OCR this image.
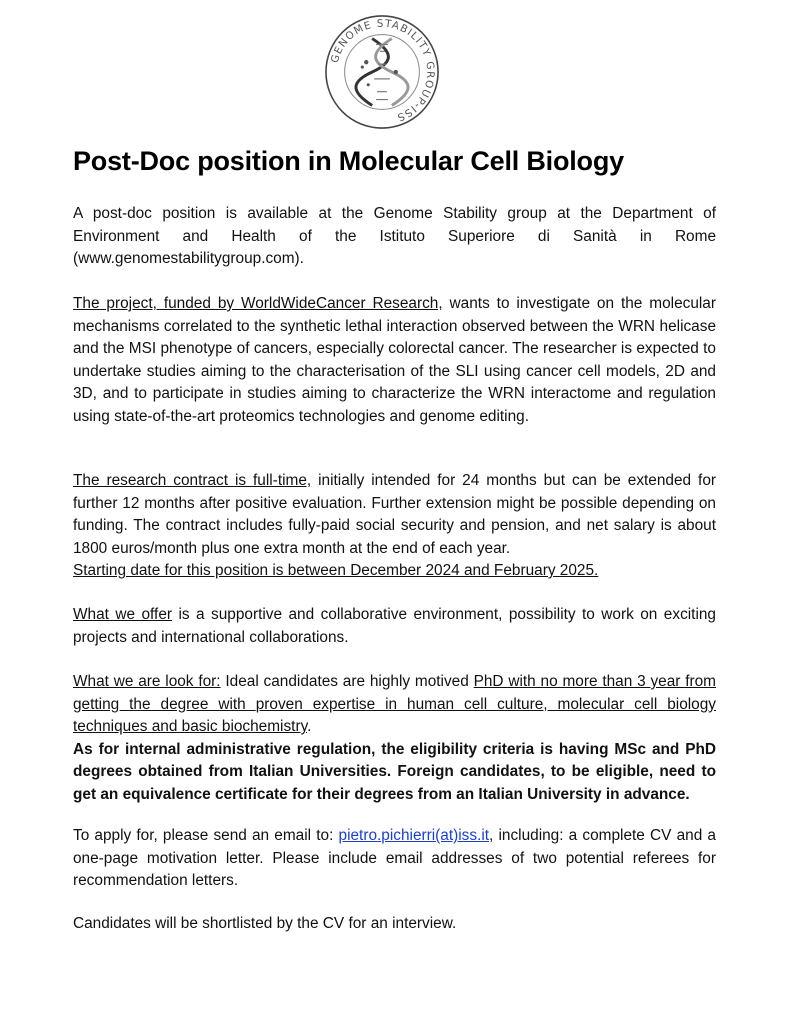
GENOME STABILITY GROUP-ISS
Post-Doc position in Molecular Cell Biology

A post-doc position is available at the Genome Stability group at the Department of Environment and Health of the Istituto Superiore di Sanità in Rome (www.genomestabilitygroup.com).

The project, funded by WorldWideCancer Research, wants to investigate on the molecular mechanisms correlated to the synthetic lethal interaction observed between the WRN helicase and the MSI phenotype of cancers, especially colorectal cancer. The researcher is expected to undertake studies aiming to the characterisation of the SLI using cancer cell models, 2D and 3D, and to participate in studies aiming to characterize the WRN interactome and regulation using state-of-the-art proteomics technologies and genome editing.

The research contract is full-time, initially intended for 24 months but can be extended for further 12 months after positive evaluation. Further extension might be possible depending on funding. The contract includes fully-paid social security and pension, and net salary is about 1800 euros/month plus one extra month at the end of each year.
Starting date for this position is between December 2024 and February 2025.

What we offer is a supportive and collaborative environment, possibility to work on exciting projects and international collaborations.

What we are look for: Ideal candidates are highly motived PhD with no more than 3 year from getting the degree with proven expertise in human cell culture, molecular cell biology techniques and basic biochemistry.
As for internal administrative regulation, the eligibility criteria is having MSc and PhD degrees obtained from Italian Universities. Foreign candidates, to be eligible, need to get an equivalence certificate for their degrees from an Italian University in advance.

To apply for, please send an email to: pietro.pichierri(at)iss.it, including: a complete CV and a one-page motivation letter. Please include email addresses of two potential referees for recommendation letters.

Candidates will be shortlisted by the CV for an interview.
